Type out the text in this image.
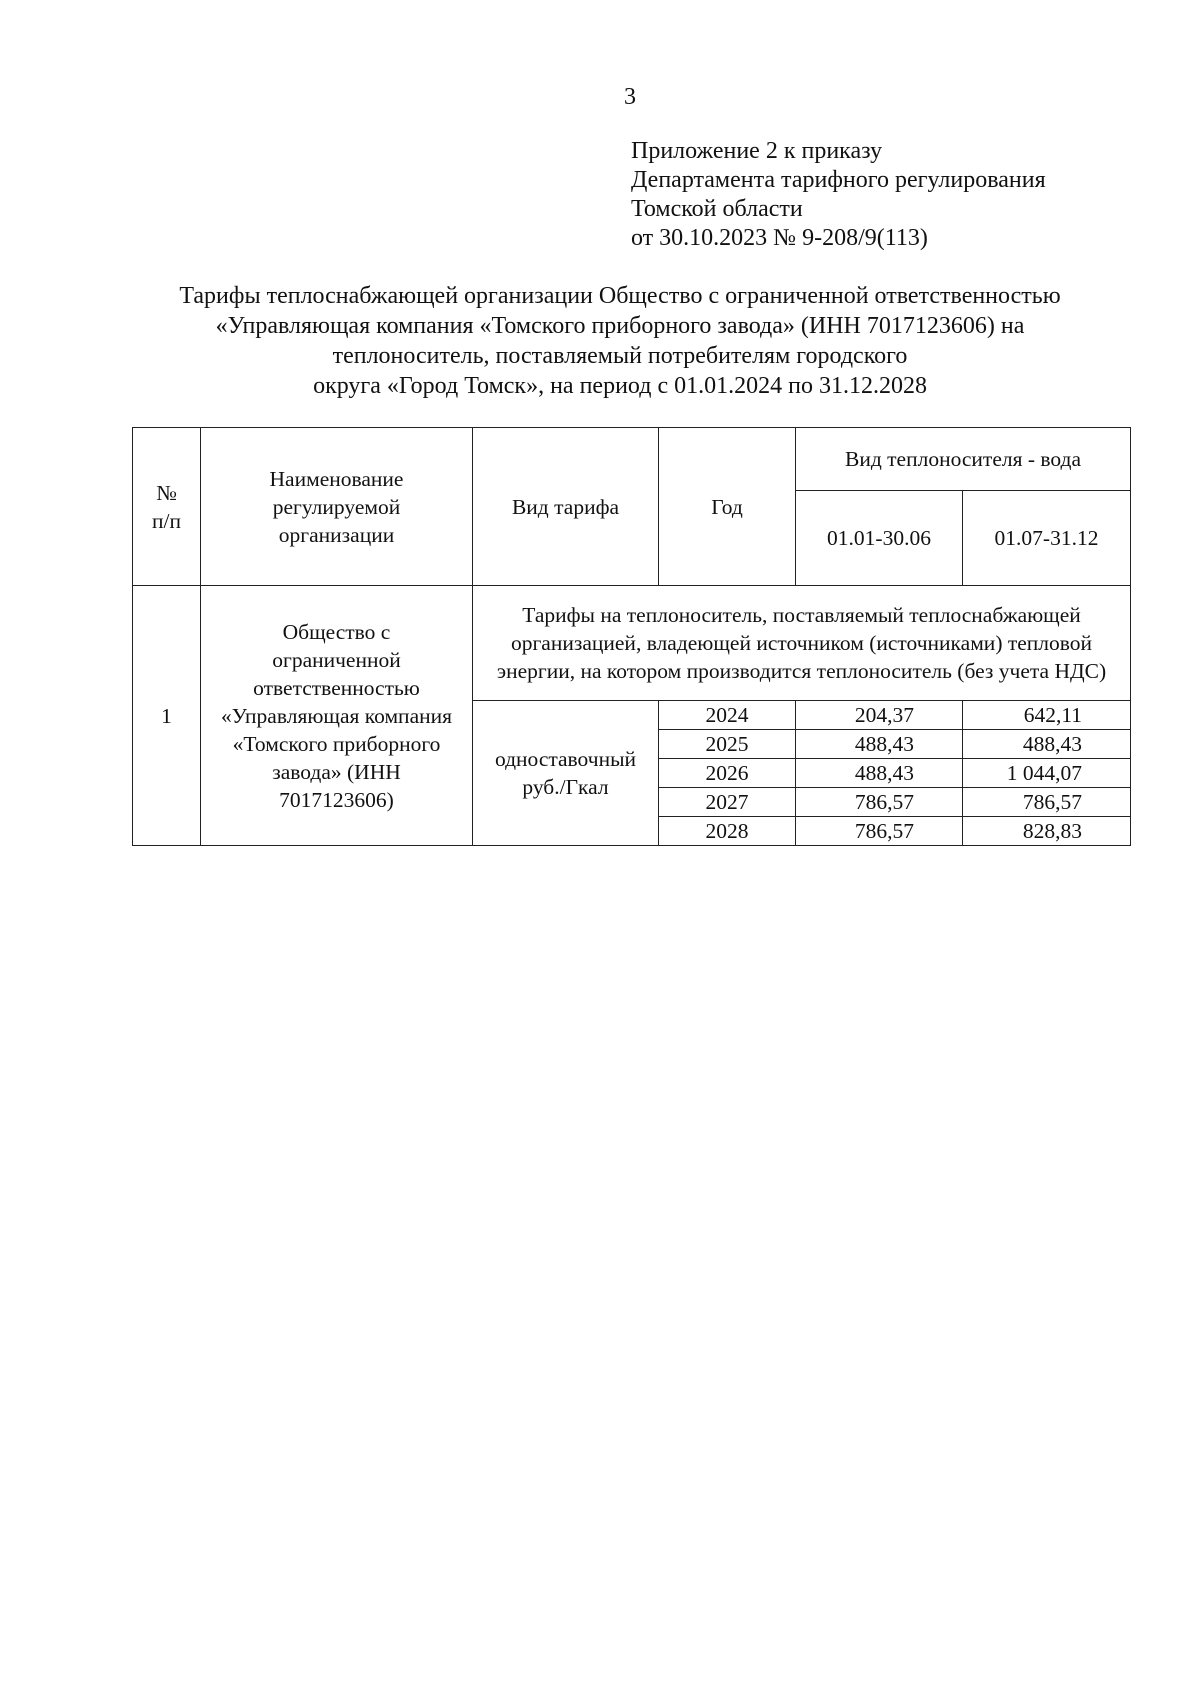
3
Приложение 2 к приказу
Департамента тарифного регулирования
Томской области
от 30.10.2023 № 9-208/9(113)
Тарифы теплоснабжающей организации Общество с ограниченной ответственностью
«Управляющая компания «Томского приборного завода» (ИНН 7017123606) на
теплоноситель, поставляемый потребителям городского
округа «Город Томск», на период с 01.01.2024 по 31.12.2028
№ п/п	Наименование регулируемой организации	Вид тарифа	Год	Вид теплоносителя - вода	
				01.01-30.06	01.07-31.12
1	Общество с ограниченной ответственностью «Управляющая компания «Томского приборного завода» (ИНН 7017123606)	Тарифы на теплоноситель, поставляемый теплоснабжающей организацией, владеющей источником (источниками) тепловой энергии, на котором производится теплоноситель (без учета НДС)			
		одноставочный руб./Гкал	2024	204,37	642,11
			2025	488,43	488,43
			2026	488,43	1 044,07
			2027	786,57	786,57
			2028	786,57	828,83
